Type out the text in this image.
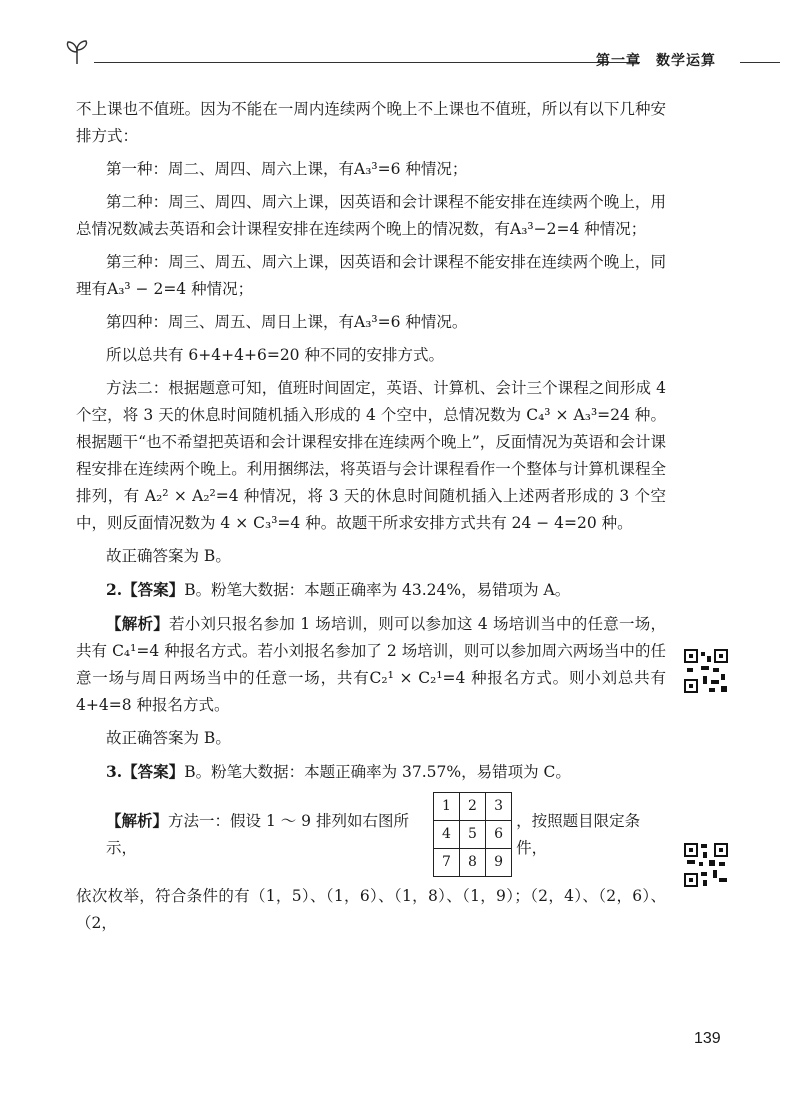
第一章　数学运算

不上课也不值班。因为不能在一周内连续两个晚上不上课也不值班，所以有以下几种安排方式：

第一种：周二、周四、周六上课，有A₃³=6 种情况；

第二种：周三、周四、周六上课，因英语和会计课程不能安排在连续两个晚上，用总情况数减去英语和会计课程安排在连续两个晚上的情况数，有A₃³−2=4 种情况；

第三种：周三、周五、周六上课，因英语和会计课程不能安排在连续两个晚上，同理有A₃³ − 2=4 种情况；

第四种：周三、周五、周日上课，有A₃³=6 种情况。

所以总共有 6+4+4+6=20 种不同的安排方式。

方法二：根据题意可知，值班时间固定，英语、计算机、会计三个课程之间形成 4 个空，将 3 天的休息时间随机插入形成的 4 个空中，总情况数为 C₄³ × A₃³=24 种。根据题干“也不希望把英语和会计课程安排在连续两个晚上”，反面情况为英语和会计课程安排在连续两个晚上。利用捆绑法，将英语与会计课程看作一个整体与计算机课程全排列，有 A₂² × A₂²=4 种情况，将 3 天的休息时间随机插入上述两者形成的 3 个空中，则反面情况数为 4 × C₃³=4 种。故题干所求安排方式共有 24 − 4=20 种。

故正确答案为 B。

2.【答案】B。粉笔大数据：本题正确率为 43.24%，易错项为 A。

【解析】若小刘只报名参加 1 场培训，则可以参加这 4 场培训当中的任意一场，共有 C₄¹=4 种报名方式。若小刘报名参加了 2 场培训，则可以参加周六两场当中的任意一场与周日两场当中的任意一场，共有C₂¹ × C₂¹=4 种报名方式。则小刘总共有 4+4=8 种报名方式。

故正确答案为 B。

3.【答案】B。粉笔大数据：本题正确率为 37.57%，易错项为 C。

【解析】方法一：假设 1 ～ 9 排列如右图所示，
1	2	3
4	5	6
7	8	9
，按照题目限定条件，

依次枚举，符合条件的有（1，5）、（1，6）、（1，8）、（1，9）；（2，4）、（2，6）、（2，

139
